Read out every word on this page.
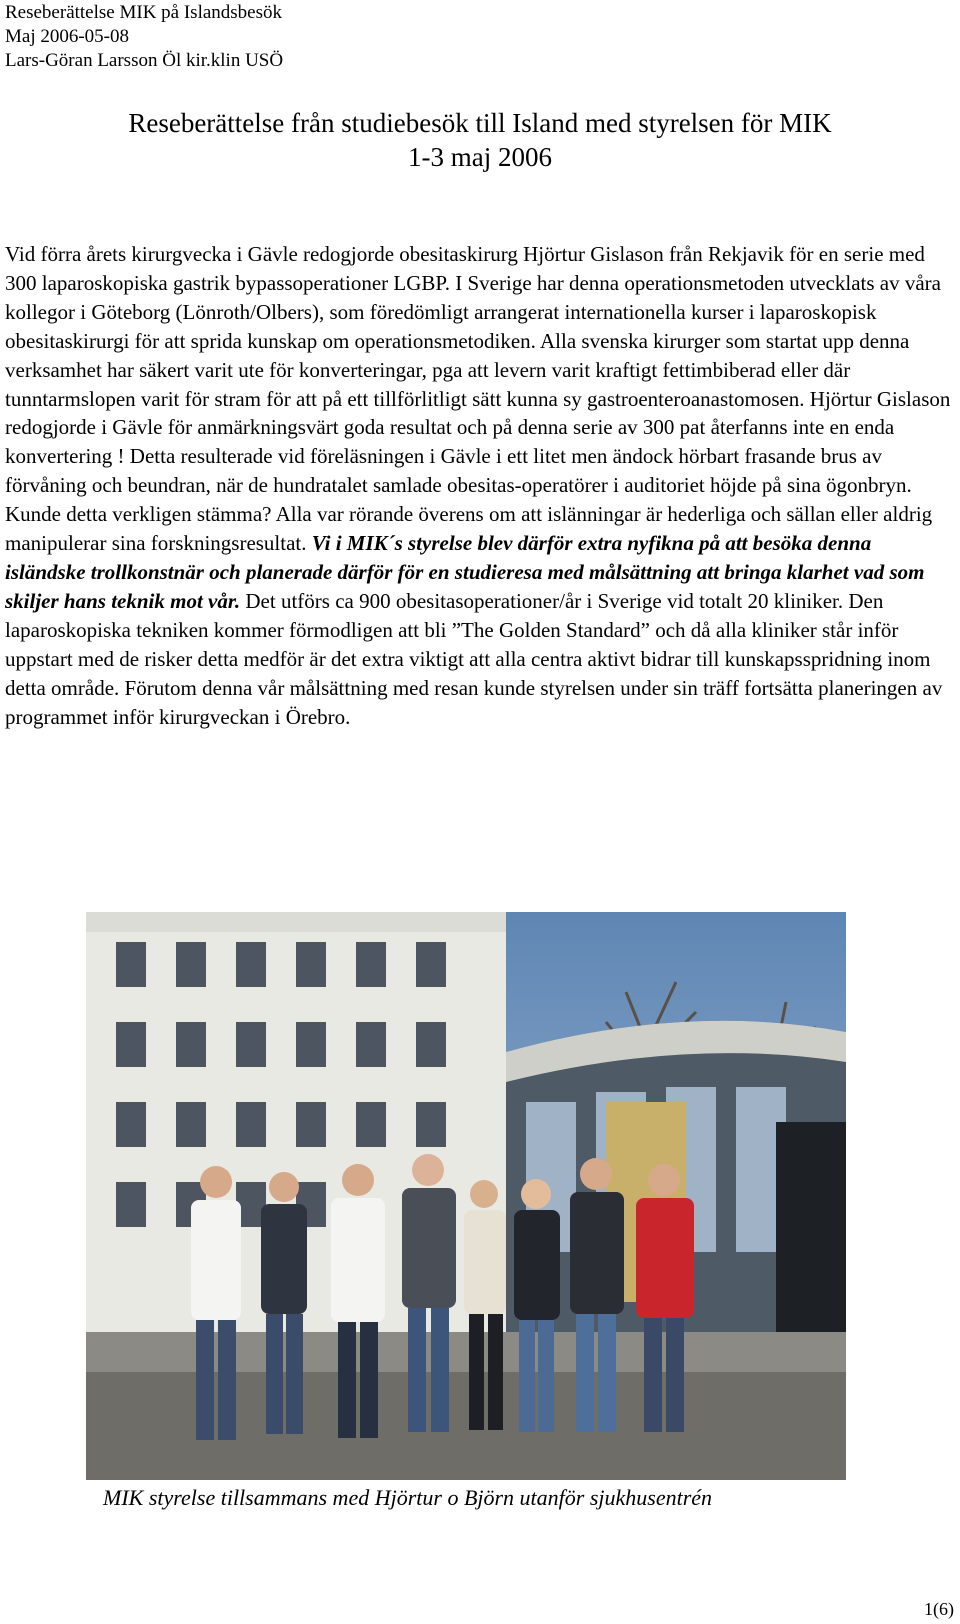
Reseberättelse MIK på Islandsbesök
Maj 2006-05-08
Lars-Göran Larsson Öl kir.klin USÖ
Reseberättelse från studiebesök till Island med styrelsen för MIK
1-3 maj 2006

Vid förra årets kirurgvecka i Gävle redogjorde obesitaskirurg Hjörtur Gislason från Rekjavik för en serie med 300 laparoskopiska gastrik bypassoperationer LGBP. I Sverige har denna operationsmetoden utvecklats av våra kollegor i Göteborg (Lönroth/Olbers), som föredömligt arrangerat internationella kurser i laparoskopisk obesitaskirurgi för att sprida kunskap om operationsmetodiken. Alla svenska kirurger som startat upp denna verksamhet har säkert varit ute för konverteringar, pga att levern varit kraftigt fettimbiberad eller där tunntarmslopen varit för stram för att på ett tillförlitligt sätt kunna sy gastroenteroanastomosen. Hjörtur Gislason redogjorde i Gävle för anmärkningsvärt goda resultat och på denna serie av 300 pat återfanns inte en enda konvertering ! Detta resulterade vid föreläsningen i Gävle i ett litet men ändock hörbart frasande brus av förvåning och beundran, när de hundratalet samlade obesitas-operatörer i auditoriet höjde på sina ögonbryn. Kunde detta verkligen stämma? Alla var rörande överens om att islänningar är hederliga och sällan eller aldrig manipulerar sina forskningsresultat. Vi i MIK´s styrelse blev därför extra nyfikna på att besöka denna isländske trollkonstnär och planerade därför för en studieresa med målsättning att bringa klarhet vad som skiljer hans teknik mot vår. Det utförs ca 900 obesitasoperationer/år i Sverige vid totalt 20 kliniker. Den laparoskopiska tekniken kommer förmodligen att bli ”The Golden Standard” och då alla kliniker står inför uppstart med de risker detta medför är det extra viktigt att alla centra aktivt bidrar till kunskapsspridning inom detta område. Förutom denna vår målsättning med resan kunde styrelsen under sin träff fortsätta planeringen av programmet inför kirurgveckan i Örebro.

MIK styrelse tillsammans med Hjörtur o Björn utanför sjukhusentrén
1(6)
